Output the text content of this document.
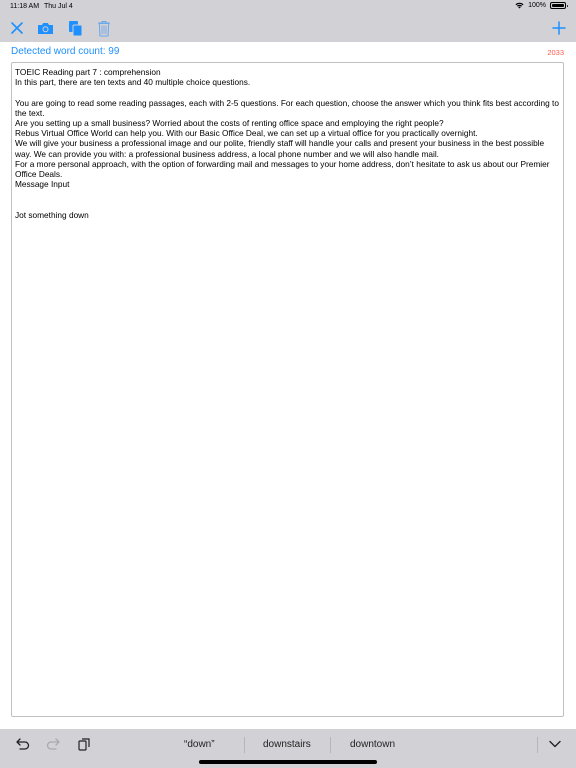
11:18 AM Thu Jul 4	100%
Detected word count: 99	2033

TOEIC Reading part 7 : comprehension

In this part, there are ten texts and 40 multiple choice questions.

You are going to read some reading passages, each with 2-5 questions. For each question, choose the answer which you think fits best according to the text.

Are you setting up a small business? Worried about the costs of renting office space and employing the right people?

Rebus Virtual Office World can help you. With our Basic Office Deal, we can set up a virtual office for you practically overnight.

We will give your business a professional image and our polite, friendly staff will handle your calls and present your business in the best possible way. We can provide you with: a professional business address, a local phone number and we will also handle mail.

For a more personal approach, with the option of forwarding mail and messages to your home address, don’t hesitate to ask us about our Premier Office Deals.

Message Input

Jot something down

“down”	downstairs	downtown
